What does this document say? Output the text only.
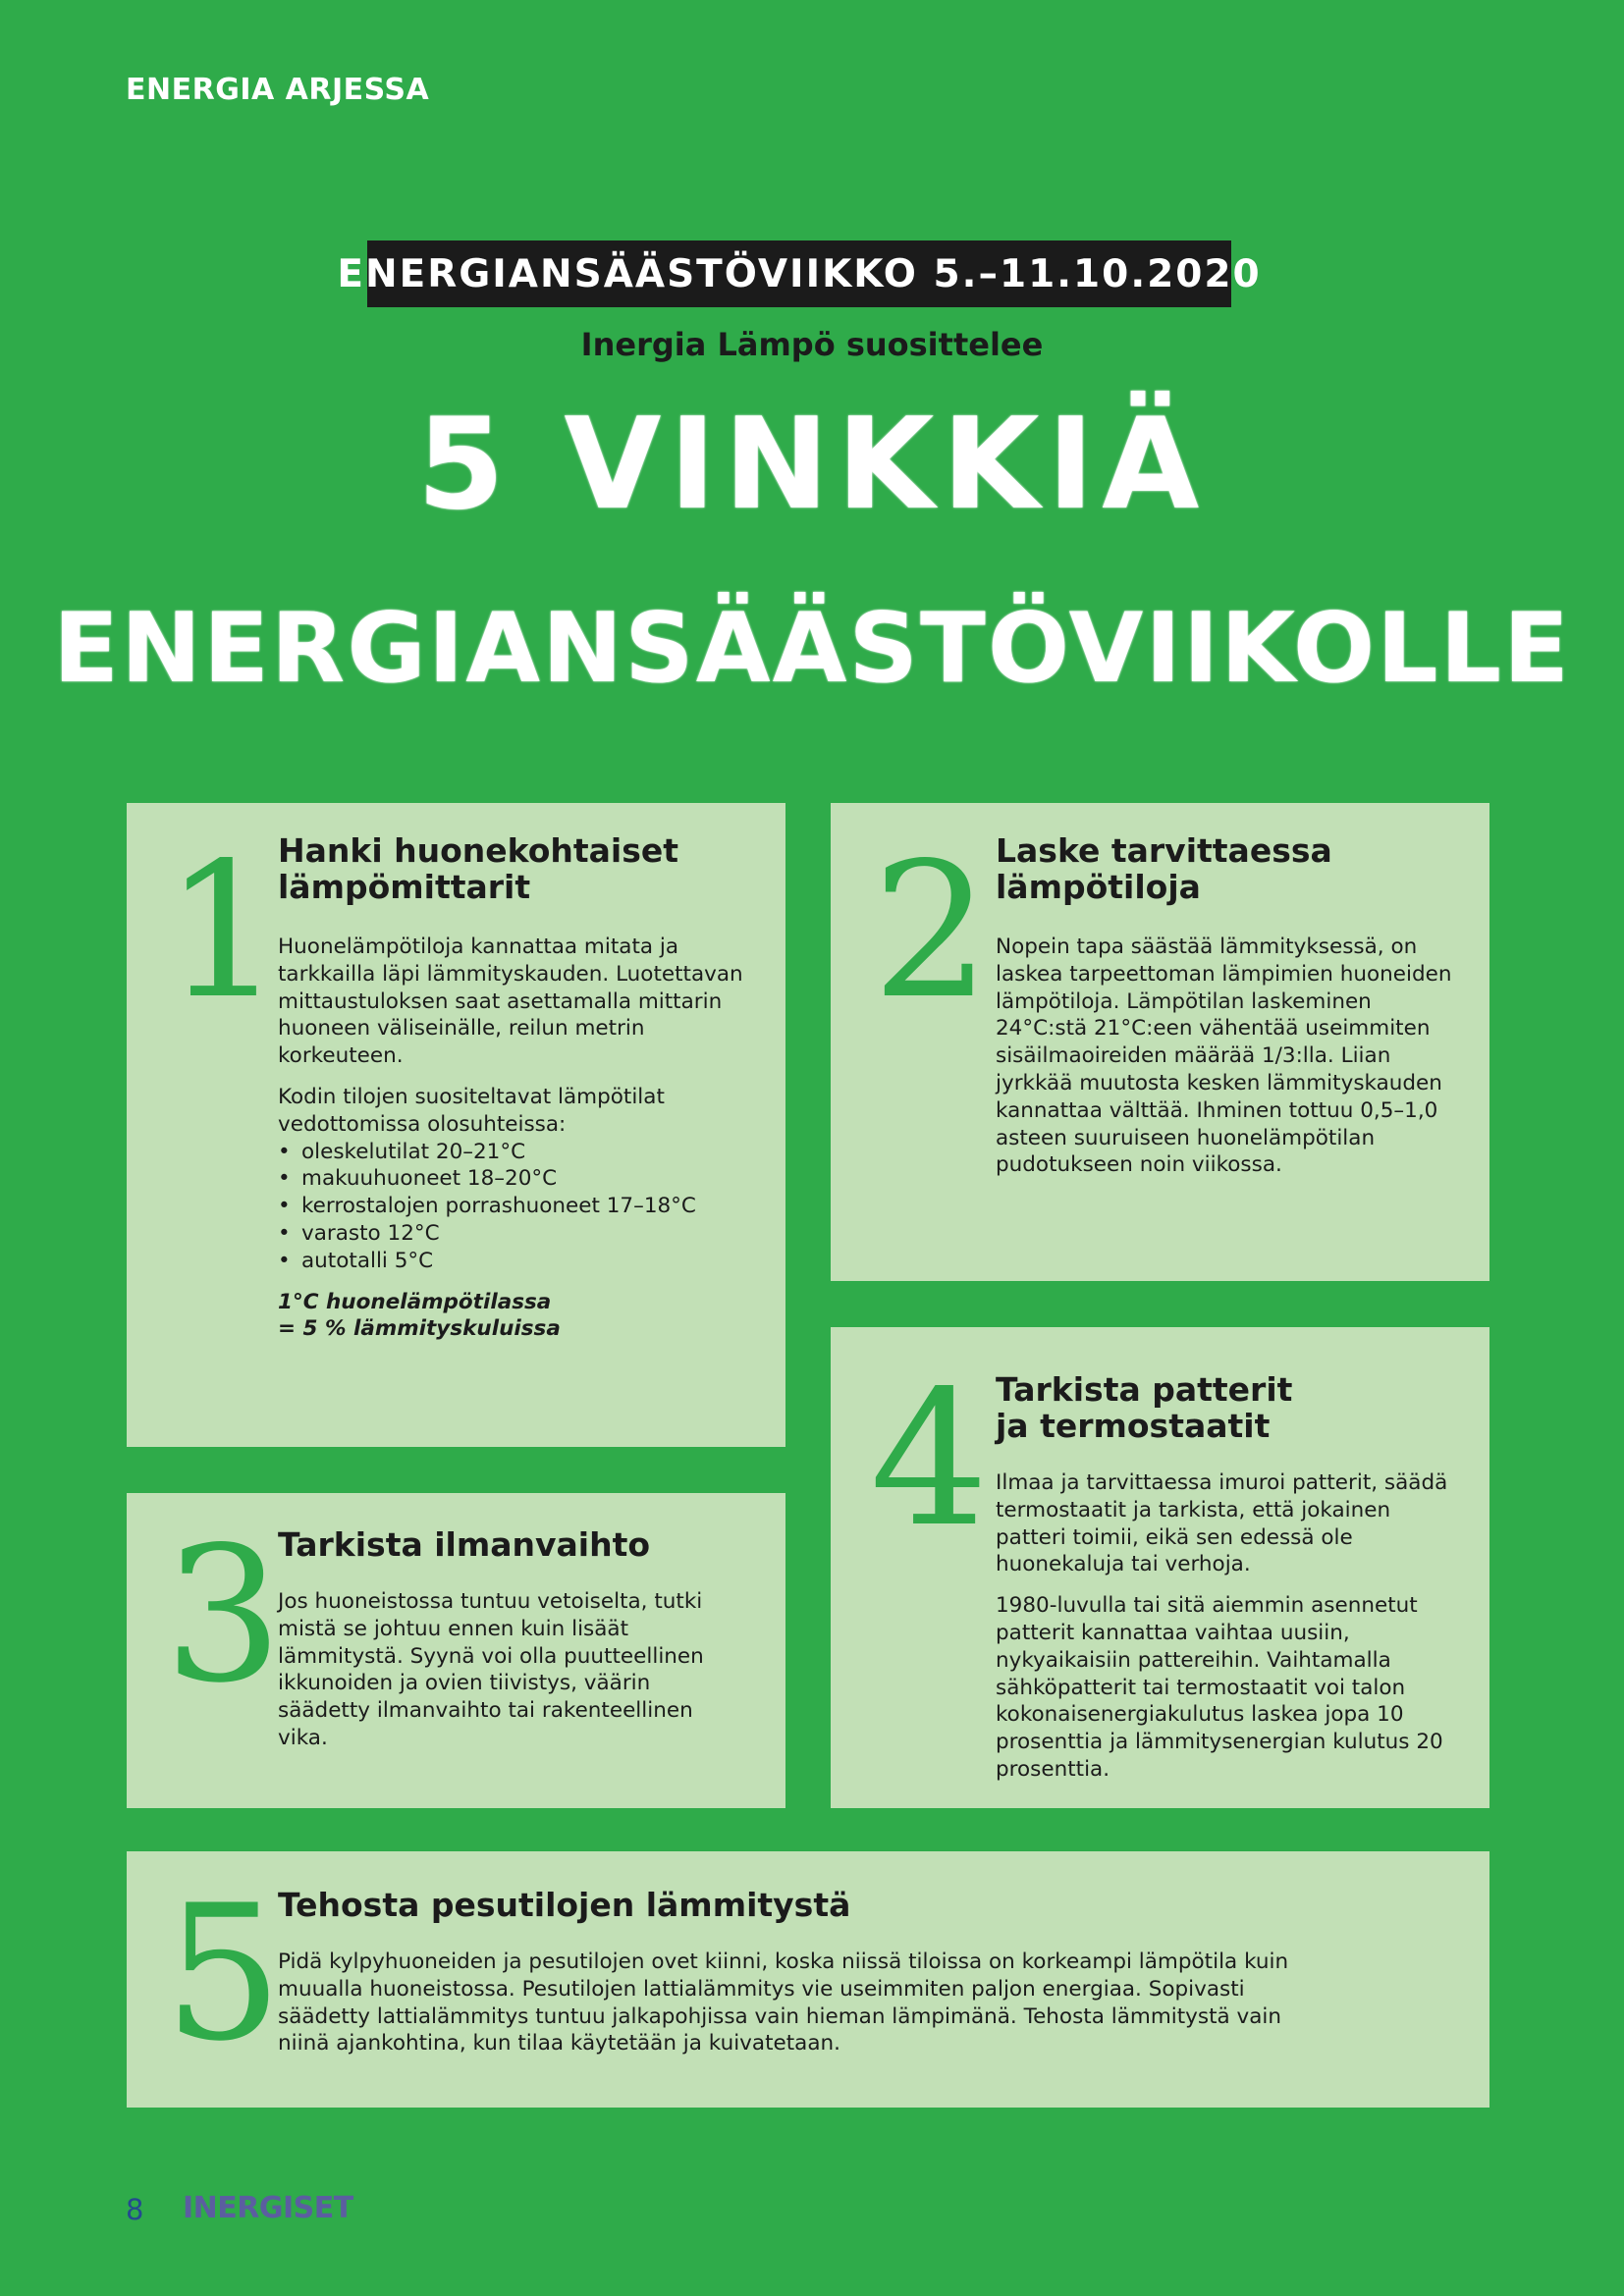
ENERGIA ARJESSA
ENERGIANSÄÄSTÖVIIKKO 5.–11.10.2020
Inergia Lämpö suosittelee
5 VINKKIÄ
ENERGIANSÄÄSTÖVIIKOLLE
1
Hanki huonekohtaiset
lämpömittarit

Huonelämpötiloja kannattaa mitata ja tarkkailla läpi lämmityskauden. Luotettavan mittaustuloksen saat asettamalla mittarin huoneen väliseinälle, reilun metrin korkeuteen.

Kodin tilojen suositeltavat lämpötilat vedottomissa olosuhteissa:

• oleskelutilat 20–21°C
• makuuhuoneet 18–20°C
• kerrostalojen porrashuoneet 17–18°C
• varasto 12°C
• autotalli 5°C

1°C huonelämpötilassa
= 5 % lämmityskuluissa

2 Laske tarvittaessa
lämpötiloja

Nopein tapa säästää lämmityksessä, on laskea tarpeettoman lämpimien huoneiden lämpötiloja. Lämpötilan laskeminen 24°C:stä 21°C:een vähentää useimmiten sisäilmaoireiden määrää 1/3:lla. Liian jyrkkää muutosta kesken lämmityskauden kannattaa välttää. Ihminen tottuu 0,5–1,0 asteen suuruiseen huonelämpötilan pudotukseen noin viikossa.

3
Tarkista ilmanvaihto

Jos huoneistossa tuntuu vetoiselta, tutki mistä se johtuu ennen kuin lisäät lämmitystä. Syynä voi olla puutteellinen ikkunoiden ja ovien tiivistys, väärin säädetty ilmanvaihto tai rakenteellinen vika.

4 Tarkista patterit
ja termostaatit

Ilmaa ja tarvittaessa imuroi patterit, säädä termostaatit ja tarkista, että jokainen patteri toimii, eikä sen edessä ole huonekaluja tai verhoja.

1980-luvulla tai sitä aiemmin asennetut patterit kannattaa vaihtaa uusiin, nykyaikaisiin pattereihin. Vaihtamalla sähköpatterit tai termostaatit voi talon kokonaisenergiakulutus laskea jopa 10 prosenttia ja lämmitysenergian kulutus 20 prosenttia.

5
Tehosta pesutilojen lämmitystä

Pidä kylpyhuoneiden ja pesutilojen ovet kiinni, koska niissä tiloissa on korkeampi lämpötila kuin muualla huoneistossa. Pesutilojen lattialämmitys vie useimmiten paljon energiaa. Sopivasti säädetty lattialämmitys tuntuu jalkapohjissa vain hieman lämpimänä. Tehosta lämmitystä vain niinä ajankohtina, kun tilaa käytetään ja kuivatetaan.

8 INERGISET
